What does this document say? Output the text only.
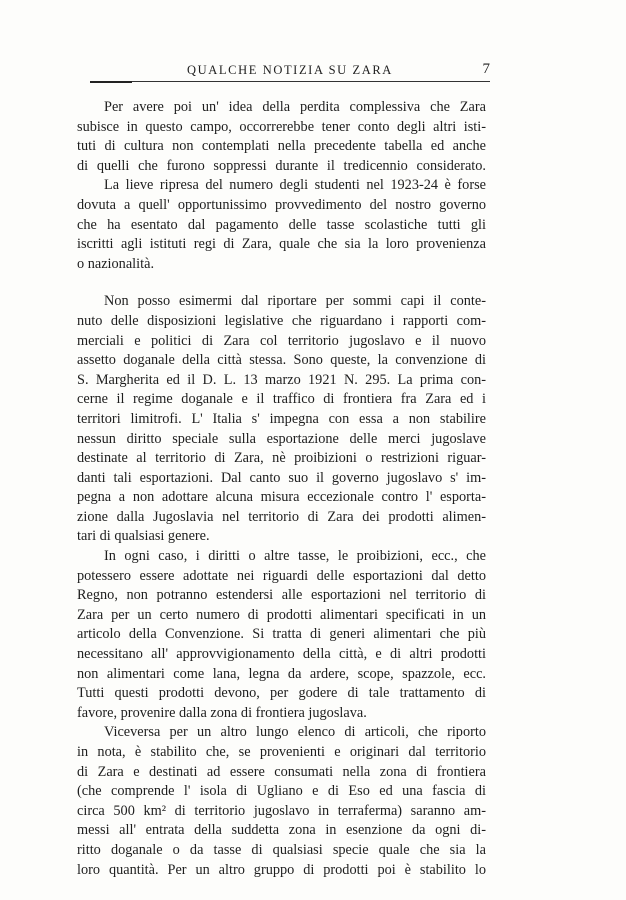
QUALCHE NOTIZIA SU ZARA	7
Per avere poi un' idea della perdita complessiva che Zara
subisce in questo campo, occorrerebbe tener conto degli altri isti-
tuti di cultura non contemplati nella precedente tabella ed anche
di quelli che furono soppressi durante il tredicennio considerato.
La lieve ripresa del numero degli studenti nel 1923-24 è forse
dovuta a quell' opportunissimo provvedimento del nostro governo
che ha esentato dal pagamento delle tasse scolastiche tutti gli
iscritti agli istituti regi di Zara, quale che sia la loro provenienza
o nazionalità.
Non posso esimermi dal riportare per sommi capi il conte-
nuto delle disposizioni legislative che riguardano i rapporti com-
merciali e politici di Zara col territorio jugoslavo e il nuovo
assetto doganale della città stessa. Sono queste, la convenzione di
S. Margherita ed il D. L. 13 marzo 1921 N. 295. La prima con-
cerne il regime doganale e il traffico di frontiera fra Zara ed i
territori limitrofi. L' Italia s' impegna con essa a non stabilire
nessun diritto speciale sulla esportazione delle merci jugoslave
destinate al territorio di Zara, nè proibizioni o restrizioni riguar-
danti tali esportazioni. Dal canto suo il governo jugoslavo s' im-
pegna a non adottare alcuna misura eccezionale contro l' esporta-
zione dalla Jugoslavia nel territorio di Zara dei prodotti alimen-
tari di qualsiasi genere.
In ogni caso, i diritti o altre tasse, le proibizioni, ecc., che
potessero essere adottate nei riguardi delle esportazioni dal detto
Regno, non potranno estendersi alle esportazioni nel territorio di
Zara per un certo numero di prodotti alimentari specificati in un
articolo della Convenzione. Si tratta di generi alimentari che più
necessitano all' approvvigionamento della città, e di altri prodotti
non alimentari come lana, legna da ardere, scope, spazzole, ecc.
Tutti questi prodotti devono, per godere di tale trattamento di
favore, provenire dalla zona di frontiera jugoslava.
Viceversa per un altro lungo elenco di articoli, che riporto
in nota, è stabilito che, se provenienti e originari dal territorio
di Zara e destinati ad essere consumati nella zona di frontiera
(che comprende l' isola di Ugliano e di Eso ed una fascia di
circa 500 km² di territorio jugoslavo in terraferma) saranno am-
messi all' entrata della suddetta zona in esenzione da ogni di-
ritto doganale o da tasse di qualsiasi specie quale che sia la
loro quantità. Per un altro gruppo di prodotti poi è stabilito lo
